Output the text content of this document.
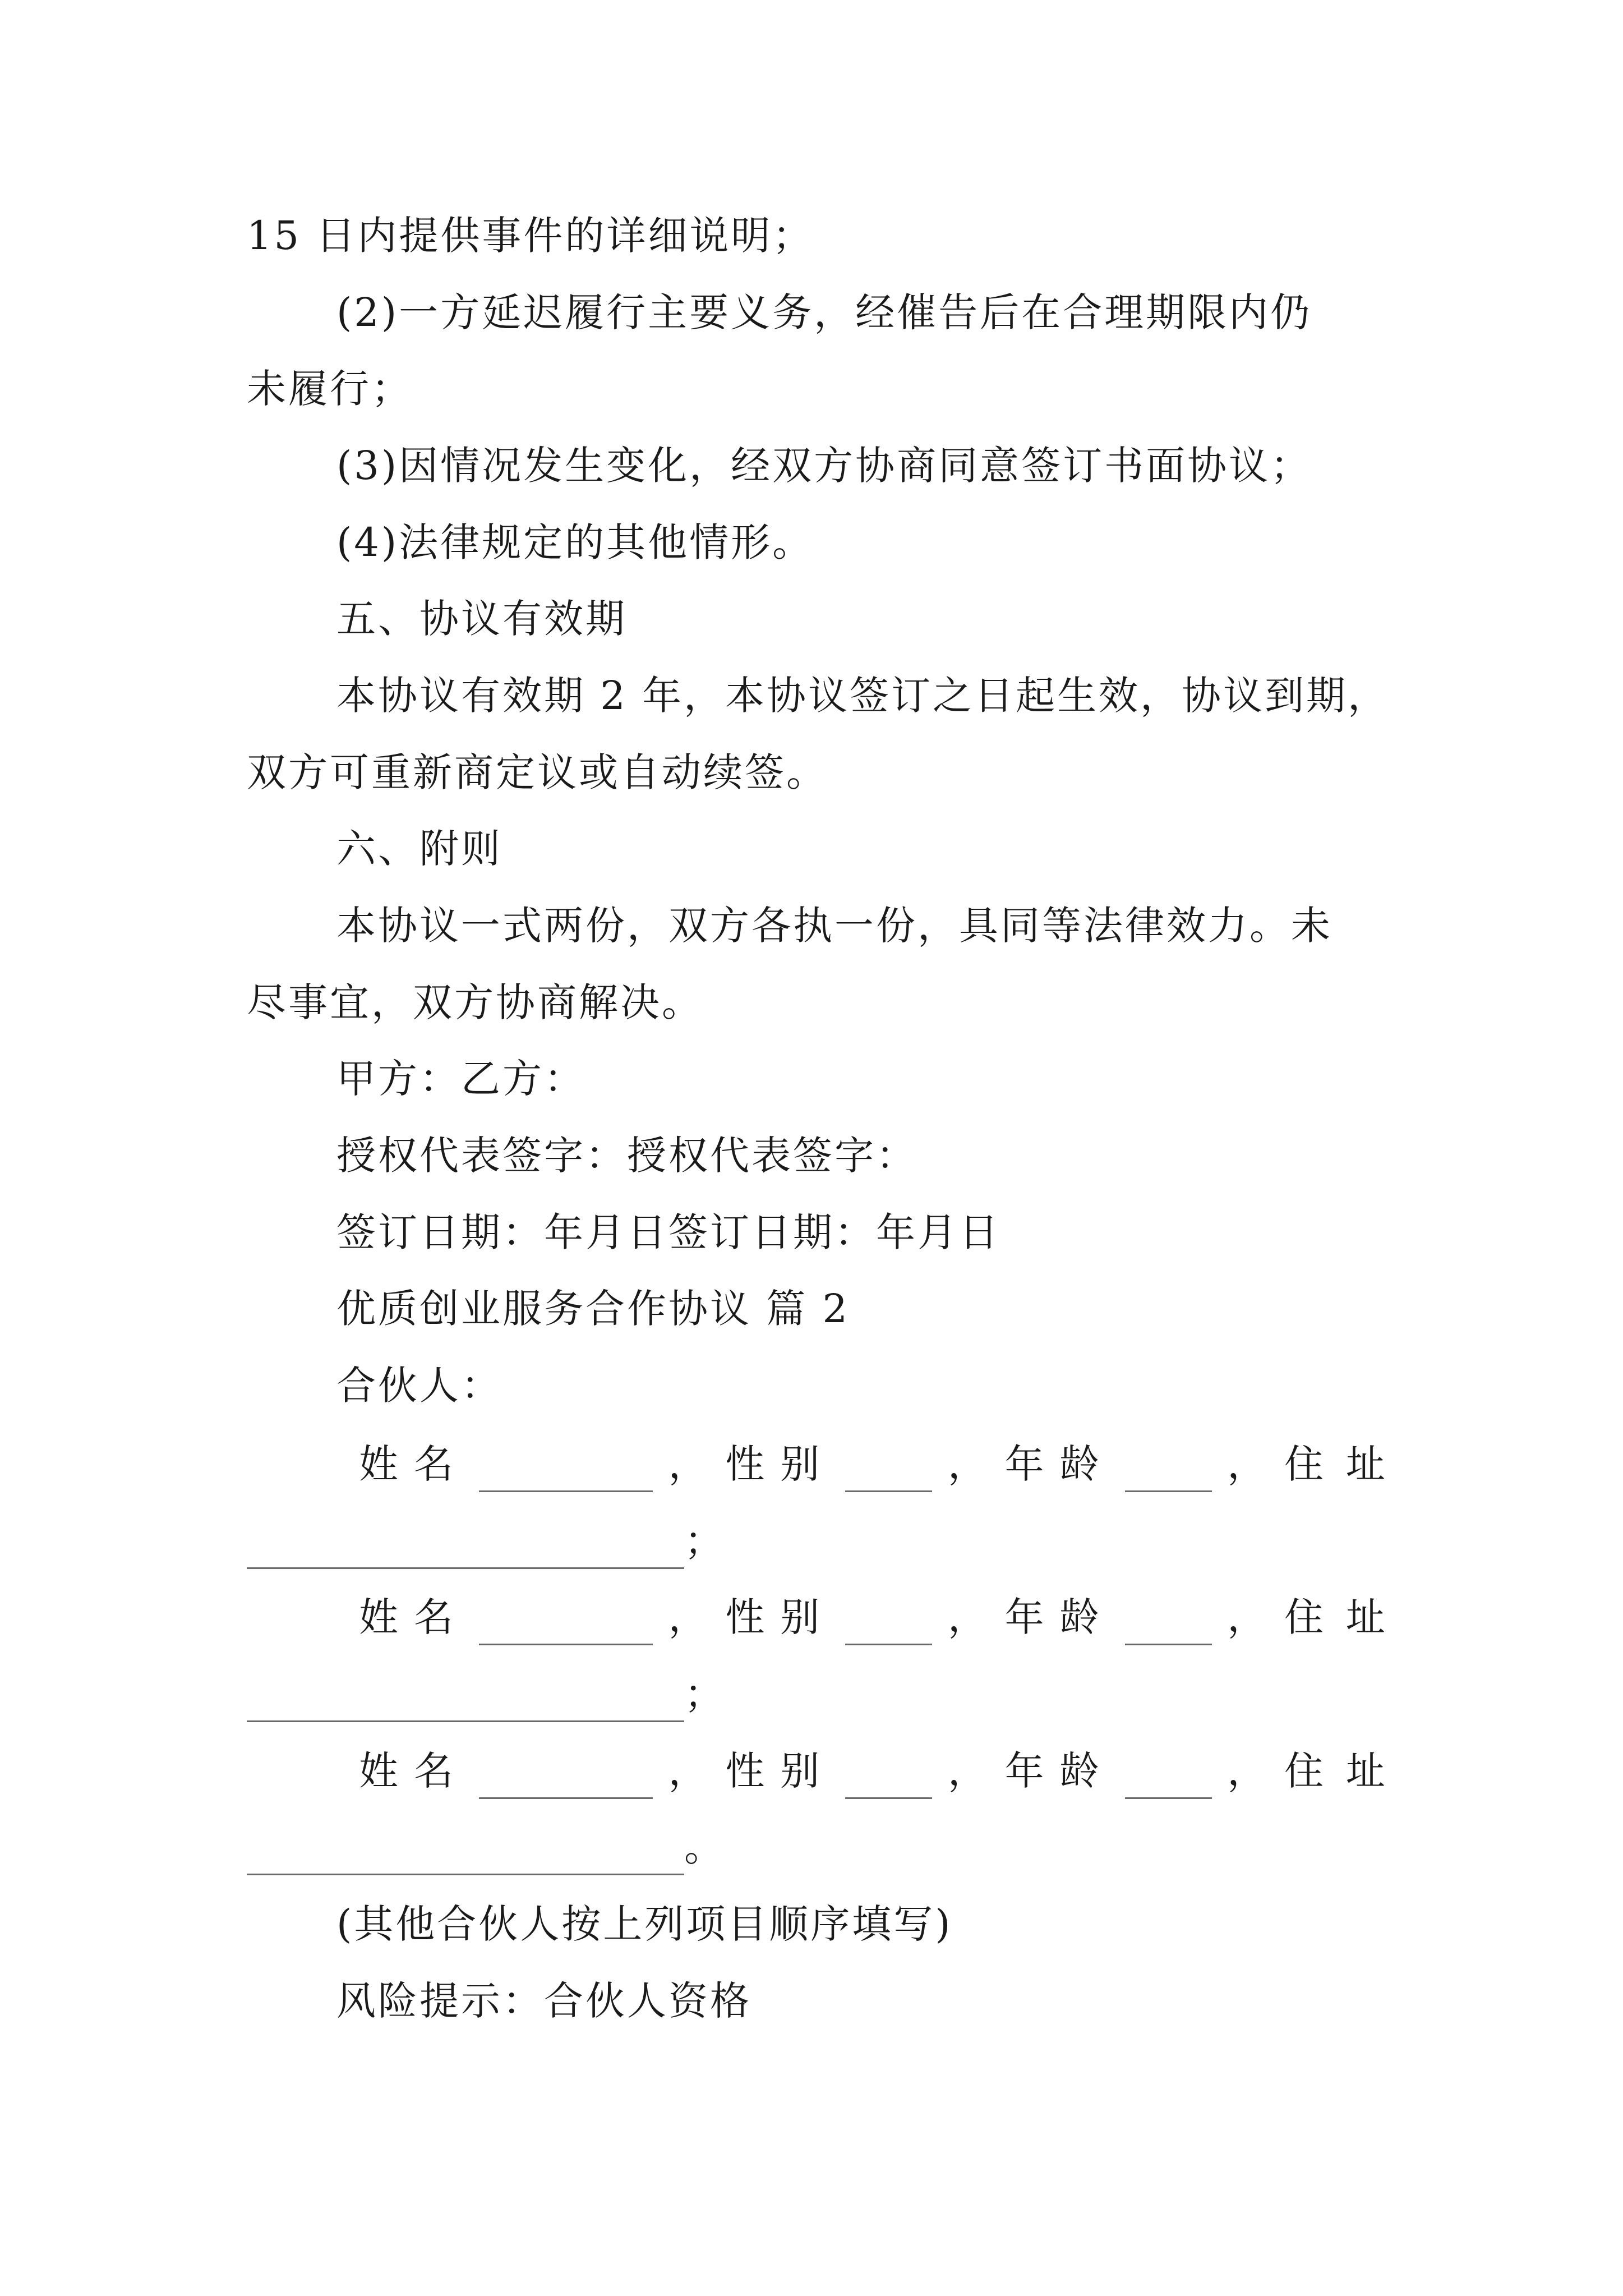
15 日内提供事件的详细说明；
(2)一方延迟履行主要义务，经催告后在合理期限内仍
未履行；
(3)因情况发生变化，经双方协商同意签订书面协议；
(4)法律规定的其他情形。
五、协议有效期
本协议有效期 2 年，本协议签订之日起生效，协议到期，
双方可重新商定议或自动续签。
六、附则
本协议一式两份，双方各执一份，具同等法律效力。未
尽事宜，双方协商解决。
甲方：乙方：
授权代表签字：授权代表签字：
签订日期：年月日签订日期：年月日
优质创业服务合作协议 篇 2
合伙人：
姓名	， 性别	， 年龄	， 住址
；
姓名	， 性别	， 年龄	， 住址
；
姓名	， 性别	， 年龄	， 住址
。
(其他合伙人按上列项目顺序填写)
风险提示：合伙人资格
